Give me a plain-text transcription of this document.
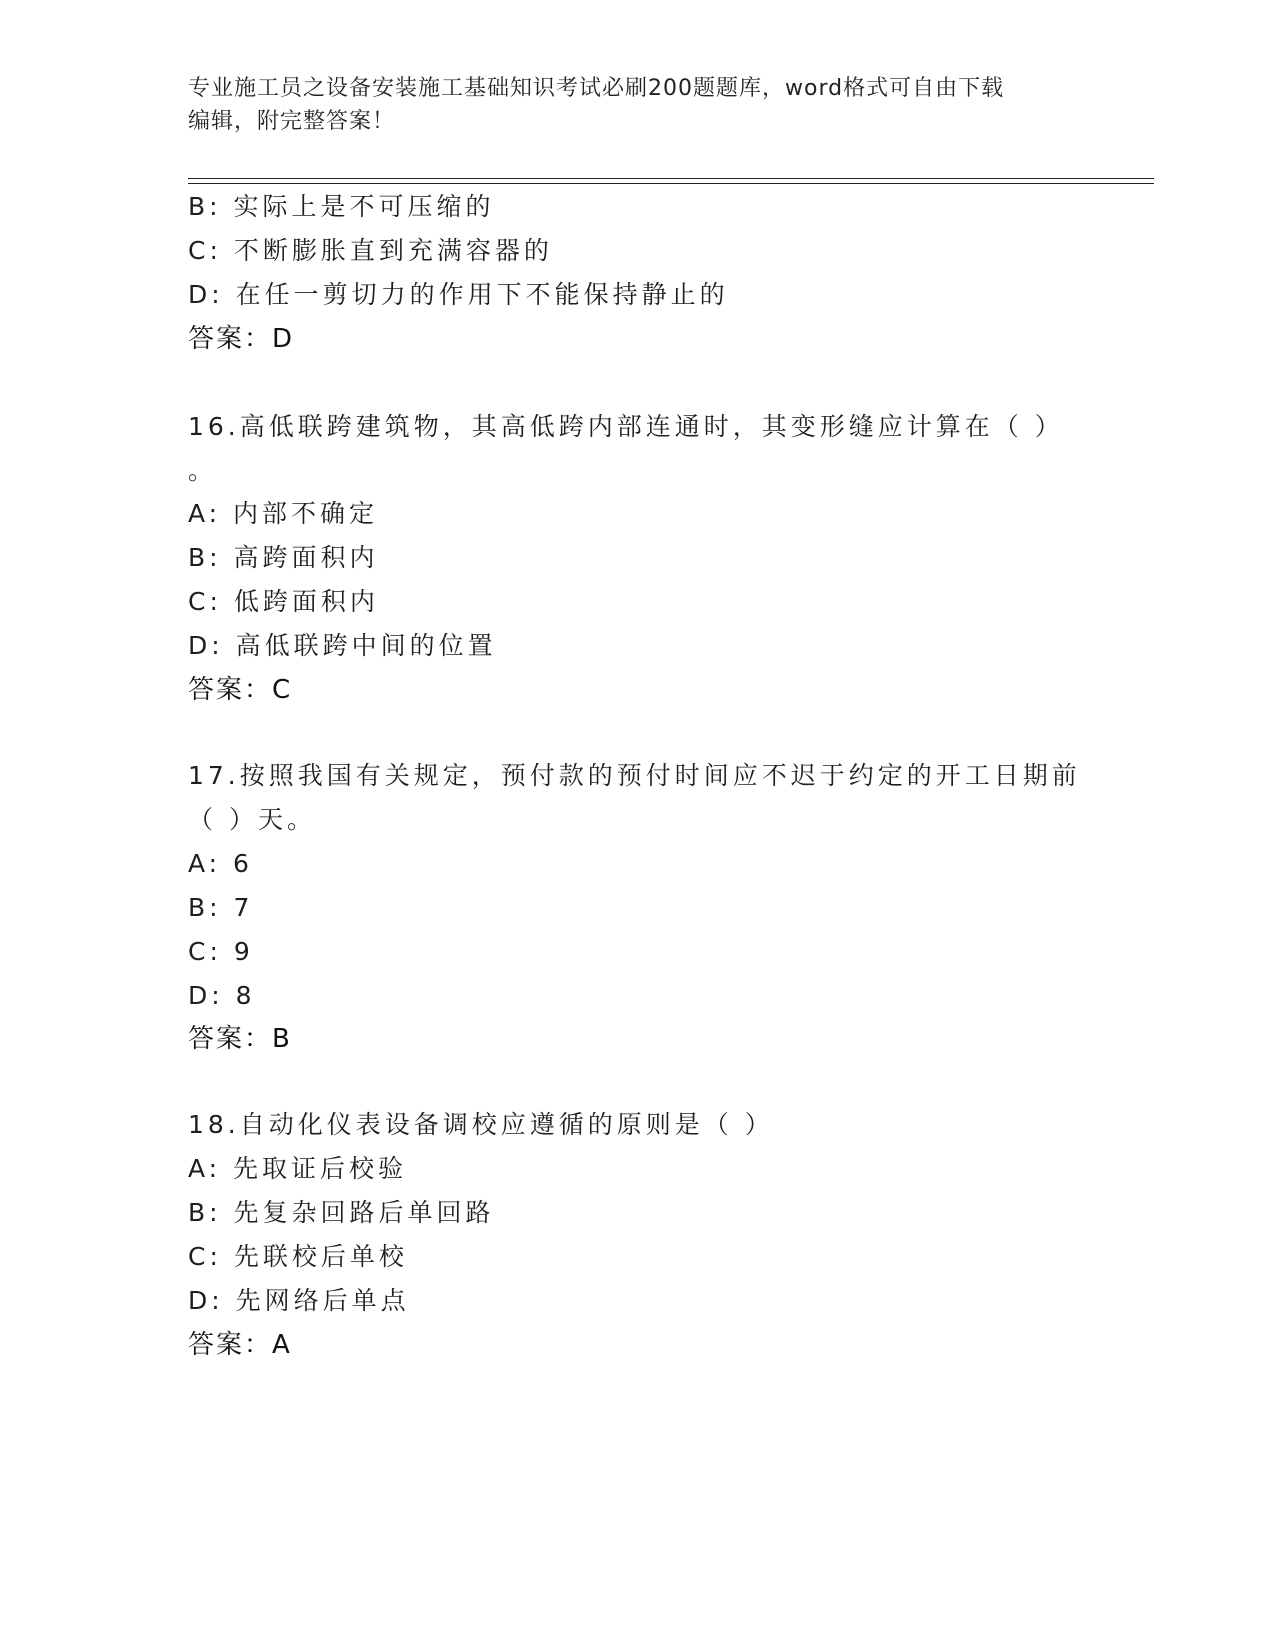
专业施工员之设备安装施工基础知识考试必刷200题题库，word格式可自由下载
编辑，附完整答案！
B: 实际上是不可压缩的
C: 不断膨胀直到充满容器的
D: 在任一剪切力的作用下不能保持静止的
答案：D
16.高低联跨建筑物，其高低跨内部连通时，其变形缝应计算在（ ）
。
A: 内部不确定
B: 高跨面积内
C: 低跨面积内
D: 高低联跨中间的位置
答案：C
17.按照我国有关规定，预付款的预付时间应不迟于约定的开工日期前
（ ）天。
A: 6
B: 7
C: 9
D: 8
答案：B
18.自动化仪表设备调校应遵循的原则是（ ）
A: 先取证后校验
B: 先复杂回路后单回路
C: 先联校后单校
D: 先网络后单点
答案：A
